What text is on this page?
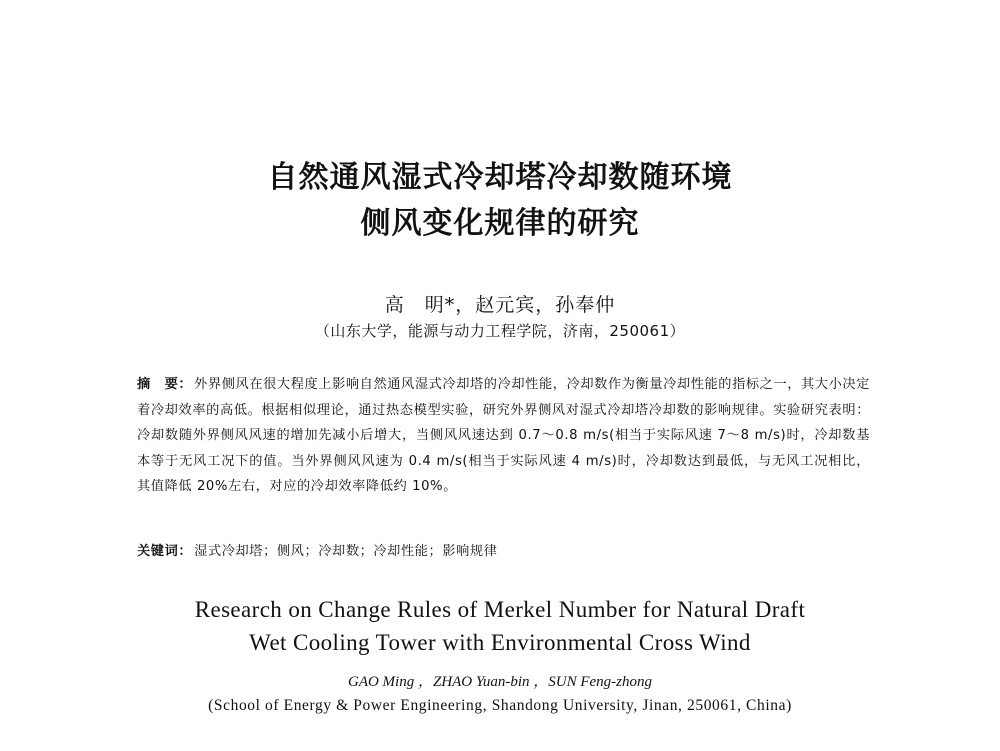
自然通风湿式冷却塔冷却数随环境
侧风变化规律的研究
高　明*，赵元宾，孙奉仲
（山东大学，能源与动力工程学院，济南，250061）
摘　要： 外界侧风在很大程度上影响自然通风湿式冷却塔的冷却性能，冷却数作为衡量冷却性能的指标之一，其大小决定着冷却效率的高低。根据相似理论，通过热态模型实验，研究外界侧风对湿式冷却塔冷却数的影响规律。实验研究表明：冷却数随外界侧风风速的增加先减小后增大，当侧风风速达到 0.7～0.8 m/s(相当于实际风速 7～8 m/s)时，冷却数基本等于无风工况下的值。当外界侧风风速为 0.4 m/s(相当于实际风速 4 m/s)时，冷却数达到最低，与无风工况相比，其值降低 20%左右，对应的冷却效率降低约 10%。
关键词： 湿式冷却塔；侧风；冷却数；冷却性能；影响规律
Research on Change Rules of Merkel Number for Natural Draft
Wet Cooling Tower with Environmental Cross Wind
GAO Ming ，ZHAO Yuan-bin ，SUN Feng-zhong
(School of Energy & Power Engineering, Shandong University, Jinan, 250061, China)
